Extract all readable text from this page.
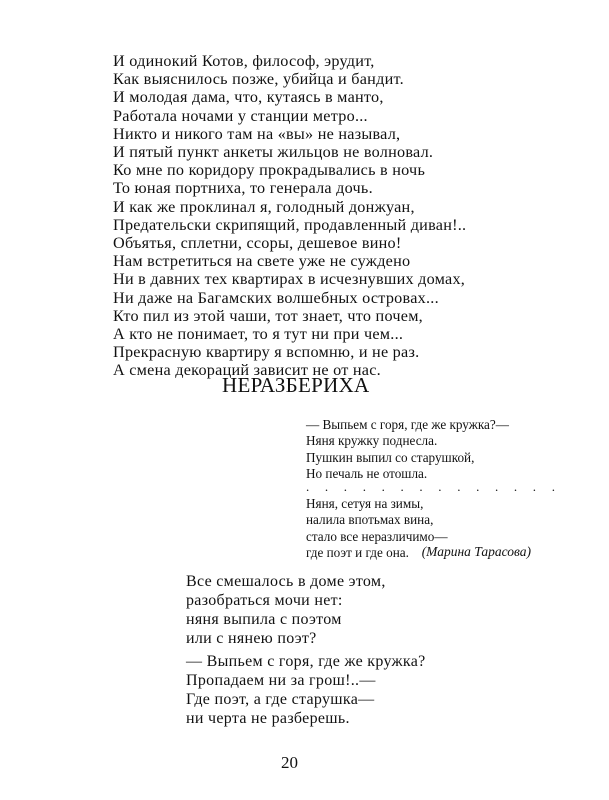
И одинокий Котов, философ, эрудит,
Как выяснилось позже, убийца и бандит.
И молодая дама, что, кутаясь в манто,
Работала ночами у станции метро...
Никто и никого там на «вы» не называл,
И пятый пункт анкеты жильцов не волновал.
Ко мне по коридору прокрадывались в ночь
То юная портниха, то генерала дочь.
И как же проклинал я, голодный донжуан,
Предательски скрипящий, продавленный диван!..
Объятья, сплетни, ссоры, дешевое вино!
Нам встретиться на свете уже не суждено
Ни в давних тех квартирах в исчезнувших домах,
Ни даже на Багамских волшебных островах...
Кто пил из этой чаши, тот знает, что почем,
А кто не понимает, то я тут ни при чем...
Прекрасную квартиру я вспомню, и не раз.
А смена декораций зависит не от нас.
НЕРАЗБЕРИХА
— Выпьем с горя, где же кружка?—
Няня кружку поднесла.
Пушкин выпил со старушкой,
Но печаль не отошла.
. . . . . . . . . . . . . .
Няня, сетуя на зимы,
налила впотьмах вина,
стало все неразличимо—
где поэт и где она. (Марина Тарасова)
Все смешалось в доме этом,
разобраться мочи нет:
няня выпила с поэтом
или с нянею поэт?
— Выпьем с горя, где же кружка?
Пропадаем ни за грош!..—
Где поэт, а где старушка—
ни черта не разберешь.
20
